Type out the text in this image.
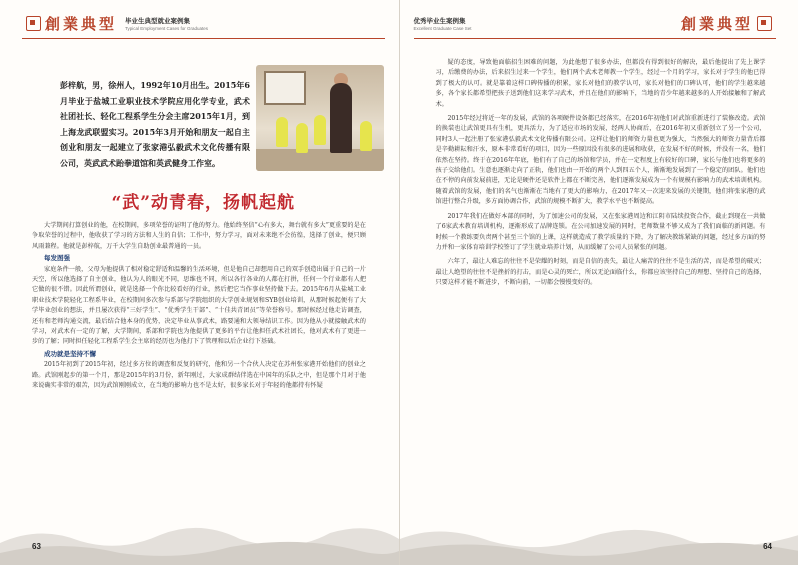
創業典型 毕业生典型就业案例集
Typical Employment Cases for Graduates
彭梓航，男，徐州人，1992年10月出生。2015年6月毕业于盐城工业职业技术学院应用化学专业，武术社团社长、轻化工程系学生分会主席2015年1月，到上海龙武联盟实习。2015年3月开始和朋友一起自主创业和朋友一起建立了张家港弘毅武术文化传播有限公司，英武武术跆拳道馆和英武健身工作室。
“武”动青春，扬帆起航

大学期间打算创业的他，在校期间，多项荣誉的证明了他的努力。他始终坚信“心有多大，舞台就有多大”更重要的是在争取荣誉的过程中，他收获了学习的方法和人生的自信；工作中，努力学习，面对未来绝不会彷徨，选择了创业，便只顾风雨兼程。他就是彭梓航，万千大学生自助创业最普通的一员。

每发图强

家庭条件一般，父母为他提供了相对稳定舒适和温馨的生活环境，但是他自己却想用自己的双手创造出属于自己的一片天空，所以他选择了自主创业，他认为人的眼光不同，思维也不同，所以各行各业的人都在打拼，任何一个行业都有人把它做的很不错。因此所谓创业，就是选择一个你比较看好的行业，然后把它当作事业坚持做下去。2015年6月从盐城工业职业技术学院轻化工程系毕业，在校期间多次参与系部与学院组织的大学创业规划和SYB创业培训，从那时候起便有了大学毕业创业的想法，并且屡次获得“三好学生”、“优秀学生干部”、“十佳共青团员”等荣誉称号。那时候经过他走访调查，还有和老师沟通交流，最后结合他本身的优势，决定毕业从事武术，路要通和大领导结识工作。因为他从小就接触武术的学习，对武术有一定的了解，大学期间，系部和学院也为他提供了更多的平台让他担任武术社团长，他对武术有了更进一步的了解；同时担任轻化工程系学生会主席的经历也为他打下了管理和以后企业行下基础。

成功就是坚持不懈

2015年初到了2015年初，经过多方位的调查和反复的研究，他和另一个合伙人决定在苏州张家港开始他们的创业之路。武馆刚起步的第一个月，那是2015年的3月份，新年刚过，大家成群结伴选在中国年的乐队之中，但是那个月对于他来说确实非常的艰苦，因为武馆刚刚成立，在当地的影响力也不是太好，很多家长对于年轻的他都持有怀疑

63
优秀毕业生案例集
Excellent Graduate Case Set	創業典型

疑的态度，导致他面临招生困难的问题，为此他想了很多办法，但都没有得到很好的解决，最后他提出了先上课学习，后缴费的办法，后来招生过来一个学生，他们两个武术老师教一个学生，经过一个月的学习，家长对于学生的他已得到了极大的认可。就是靠着这样口碑传播的积累，家长对他们的教学认可，家长对他们的口碑认可，他们的学生越来越多，各个家长都希望把孩子送到他们这来学习武术，并且在他们的影响下，当地的青少年越来越多的人开始接触和了解武术。

2015年经过将近一年的发展，武馆的各项硬件设备都已经落实，在2016年初他们对武馆重新进行了装修改造。武馆的换装也让武馆更具有生机，更具活力，为了适应市场的发展，经两人协商后，在2016年初又重新创立了另一个公司，同时3人一起注册了张家港弘毅武术文化传播有限公司。这样让他们的师资力量也更为强大，当然强大的师资力量背后都是辛勤耕耘和汗水，原本非常看好的项目，因为一些原因没有很多的进展和收获，在发展不好的时候，并没有一名，他们依然在坚持。终于在2016年年底，他们有了自己的场馆和学员，并在一定程度上有较好的口碑，家长与他们也将更多的孩子交给他们。生意也逐渐走向了正轨，他们也由一开始的两个人到四五个人，渐渐地发展到了一个稳定的团队。他们也在不停的向前发展前进，无论是硬件还是软件上都在不断完善，他们逐渐发展成为一个有规模有影响力的武术培训机构。随着武馆的发展，他们的名气也渐渐在当地有了更大的影响力，在2017年又一次迎来发展的关键期，他们将张家港的武馆进行整合升级，多方面协调合作，武馆的规模不断扩大，教学水平也不断提高。

2017年我们在做好本部的同时，为了加速公司的发展，又在张家港周边和江阴市陆续投资合作，截止到现在一共做了6家武术教育培训机构，逐渐形成了品牌连锁。在公司加速发展的同时，老师数量不够又成为了我们面临的新问题。有时候一个教练要负责两个甚至三个馆的上课，这样就造成了教学质量的下降，为了解决教练紧缺的问题，经过多方面的努力并和一家体育培训学校签订了学生就业培养计划，从而缓解了公司人员紧张的问题。

六年了，最让人难忘的往往不是荣耀的时刻，而是自信的丧失，最让人痛苦的往往不是生活的苦，而是希望的破灭；最让人绝望的往往不是挫折的打击，而是心灵的死亡，所以无论面临什么，你都应该坚持自己的理想、坚持自己的选择，只要这样才能不断进步，不断向前，一切都会慢慢变好的。

64
